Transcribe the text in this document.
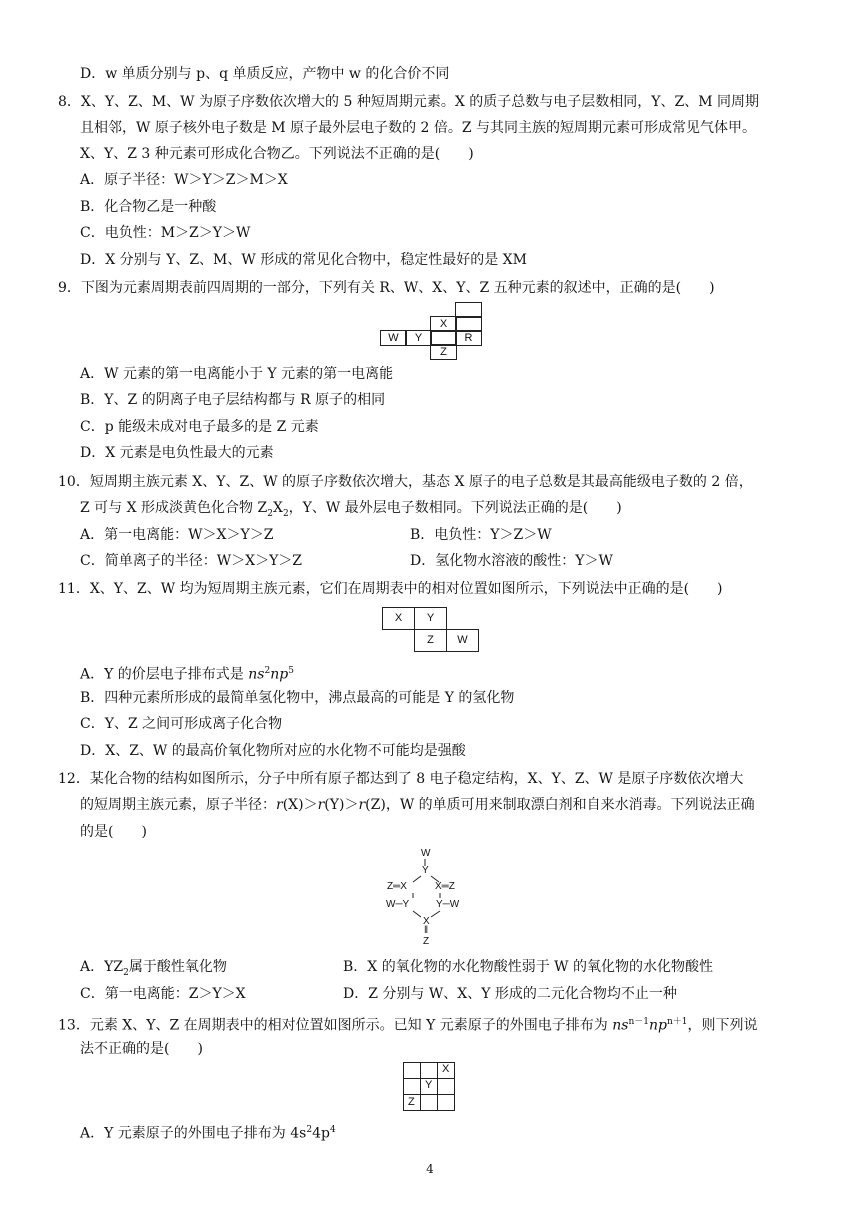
D．w 单质分别与 p、q 单质反应，产物中 w 的化合价不同
8．X、Y、Z、M、W 为原子序数依次增大的 5 种短周期元素。X 的质子总数与电子层数相同，Y、Z、M 同周期
且相邻，W 原子核外电子数是 M 原子最外层电子数的 2 倍。Z 与其同主族的短周期元素可形成常见气体甲。
X、Y、Z 3 种元素可形成化合物乙。下列说法不正确的是(　　)
A．原子半径：W＞Y＞Z＞M＞X
B．化合物乙是一种酸
C．电负性：M＞Z＞Y＞W
D．X 分别与 Y、Z、M、W 形成的常见化合物中，稳定性最好的是 XM
9．下图为元素周期表前四周期的一部分，下列有关 R、W、X、Y、Z 五种元素的叙述中，正确的是(　　)
X
W	Y	R
Z
A．W 元素的第一电离能小于 Y 元素的第一电离能
B．Y、Z 的阴离子电子层结构都与 R 原子的相同
C．p 能级未成对电子最多的是 Z 元素
D．X 元素是电负性最大的元素
10．短周期主族元素 X、Y、Z、W 的原子序数依次增大，基态 X 原子的电子总数是其最高能级电子数的 2 倍，
Z 可与 X 形成淡黄色化合物 $Z_2X_2$，Y、W 最外层电子数相同。下列说法正确的是(　　)
A．第一电离能：W＞X＞Y＞Z	B．电负性：Y＞Z＞W
C．简单离子的半径：W＞X＞Y＞Z	D．氢化物水溶液的酸性：Y＞W
11．X、Y、Z、W 均为短周期主族元素，它们在周期表中的相对位置如图所示，下列说法中正确的是(　　)
X	Y
Z	W
A．Y 的价层电子排布式是 $ns^2np^5$
B．四种元素所形成的最简单氢化物中，沸点最高的可能是 Y 的氢化物
C．Y、Z 之间可形成离子化合物
D．X、Z、W 的最高价氧化物所对应的水化物不可能均是强酸
12．某化合物的结构如图所示，分子中所有原子都达到了 8 电子稳定结构，X、Y、Z、W 是原子序数依次增大
的短周期主族元素，原子半径：r(X)＞r(Y)＞r(Z)，W 的单质可用来制取漂白剂和自来水消毒。下列说法正确
的是(　　)
W
Y
Z═X	X═Z
W─Y	Y─W
X
‖
Z
A．$YZ_2$属于酸性氧化物	B．X 的氧化物的水化物酸性弱于 W 的氧化物的水化物酸性
C．第一电离能：Z＞Y＞X	D．Z 分别与 W、X、Y 形成的二元化合物均不止一种
13．元素 X、Y、Z 在周期表中的相对位置如图所示。已知 Y 元素原子的外围电子排布为 $ns^{n-1}np^{n+1}$，则下列说
法不正确的是(　　)
X
Y
Z
A．Y 元素原子的外围电子排布为 $4s^24p^4$
4
